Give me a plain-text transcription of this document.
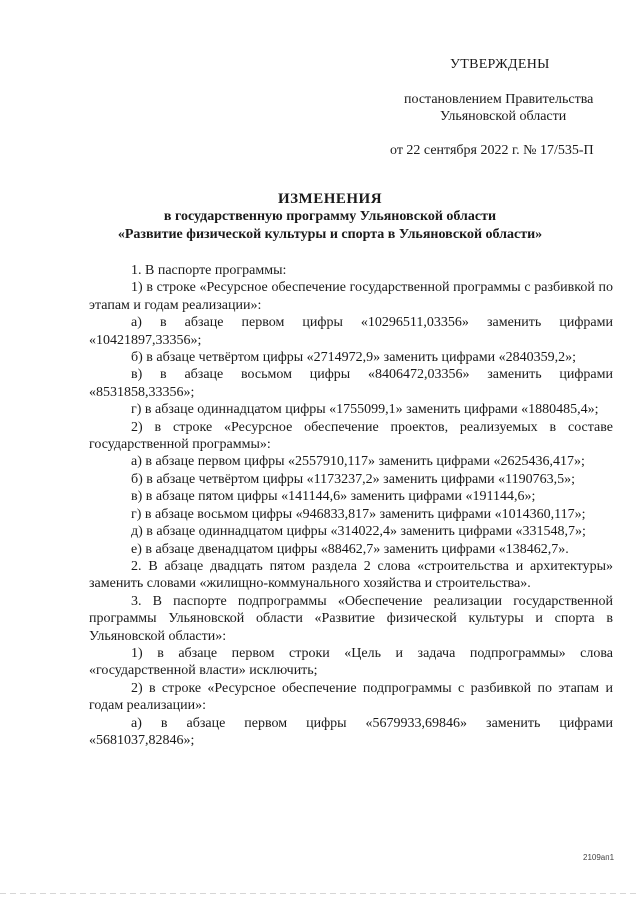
УТВЕРЖДЕНЫ
постановлением Правительства
Ульяновской области
от 22 сентября 2022 г. № 17/535-П
ИЗМЕНЕНИЯ
в государственную программу Ульяновской области
«Развитие физической культуры и спорта в Ульяновской области»

1. В паспорте программы:

1) в строке «Ресурсное обеспечение государственной программы с разбивкой по этапам и годам реализации»:

а) в абзаце первом цифры «10296511,03356» заменить цифрами «10421897,33356»;

б) в абзаце четвёртом цифры «2714972,9» заменить цифрами «2840359,2»;

в) в абзаце восьмом цифры «8406472,03356» заменить цифрами «8531858,33356»;

г) в абзаце одиннадцатом цифры «1755099,1» заменить цифрами «1880485,4»;

2) в строке «Ресурсное обеспечение проектов, реализуемых в составе государственной программы»:

а) в абзаце первом цифры «2557910,117» заменить цифрами «2625436,417»;

б) в абзаце четвёртом цифры «1173237,2» заменить цифрами «1190763,5»;

в) в абзаце пятом цифры «141144,6» заменить цифрами «191144,6»;

г) в абзаце восьмом цифры «946833,817» заменить цифрами «1014360,117»;

д) в абзаце одиннадцатом цифры «314022,4» заменить цифрами «331548,7»;

е) в абзаце двенадцатом цифры «88462,7» заменить цифрами «138462,7».

2. В абзаце двадцать пятом раздела 2 слова «строительства и архитектуры» заменить словами «жилищно-коммунального хозяйства и строительства».

3. В паспорте подпрограммы «Обеспечение реализации государственной программы Ульяновской области «Развитие физической культуры и спорта в Ульяновской области»:

1) в абзаце первом строки «Цель и задача подпрограммы» слова «государственной власти» исключить;

2) в строке «Ресурсное обеспечение подпрограммы с разбивкой по этапам и годам реализации»:

а) в абзаце первом цифры «5679933,69846» заменить цифрами «5681037,82846»;

2109ап1
